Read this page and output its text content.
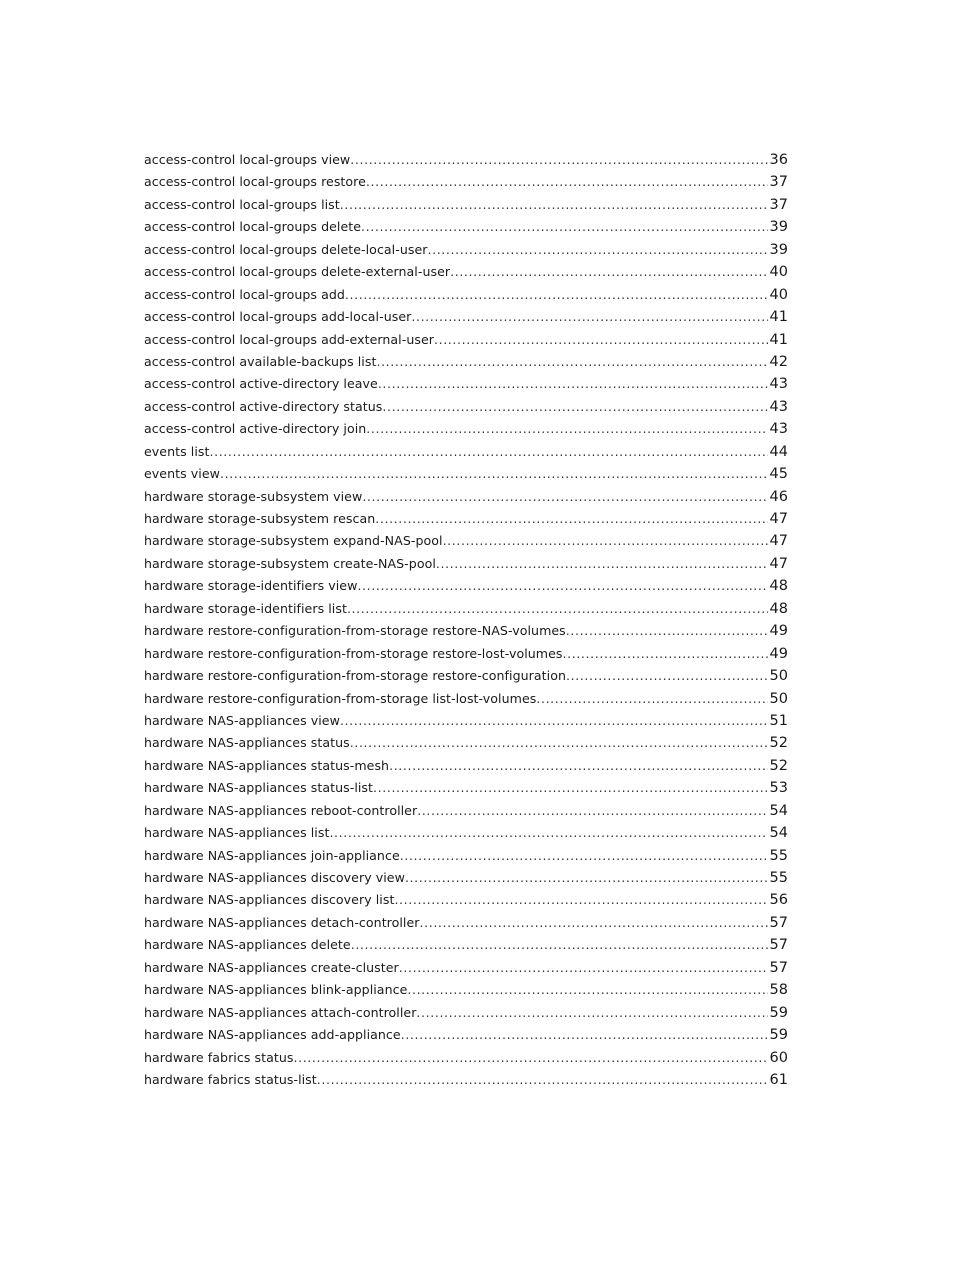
access-control local-groups view .....	36
access-control local-groups restore .....	37
access-control local-groups list .....	37
access-control local-groups delete .....	39
access-control local-groups delete-local-user .....	39
access-control local-groups delete-external-user .....	40
access-control local-groups add .....	40
access-control local-groups add-local-user .....	41
access-control local-groups add-external-user .....	41
access-control available-backups list .....	42
access-control active-directory leave .....	43
access-control active-directory status .....	43
access-control active-directory join .....	43
events list .....	44
events view .....	45
hardware storage-subsystem view .....	46
hardware storage-subsystem rescan .....	47
hardware storage-subsystem expand-NAS-pool .....	47
hardware storage-subsystem create-NAS-pool .....	47
hardware storage-identifiers view .....	48
hardware storage-identifiers list .....	48
hardware restore-configuration-from-storage restore-NAS-volumes .....	49
hardware restore-configuration-from-storage restore-lost-volumes .....	49
hardware restore-configuration-from-storage restore-configuration .....	50
hardware restore-configuration-from-storage list-lost-volumes .....	50
hardware NAS-appliances view .....	51
hardware NAS-appliances status .....	52
hardware NAS-appliances status-mesh .....	52
hardware NAS-appliances status-list .....	53
hardware NAS-appliances reboot-controller .....	54
hardware NAS-appliances list .....	54
hardware NAS-appliances join-appliance .....	55
hardware NAS-appliances discovery view .....	55
hardware NAS-appliances discovery list .....	56
hardware NAS-appliances detach-controller .....	57
hardware NAS-appliances delete .....	57
hardware NAS-appliances create-cluster .....	57
hardware NAS-appliances blink-appliance .....	58
hardware NAS-appliances attach-controller .....	59
hardware NAS-appliances add-appliance .....	59
hardware fabrics status .....	60
hardware fabrics status-list .....	61
